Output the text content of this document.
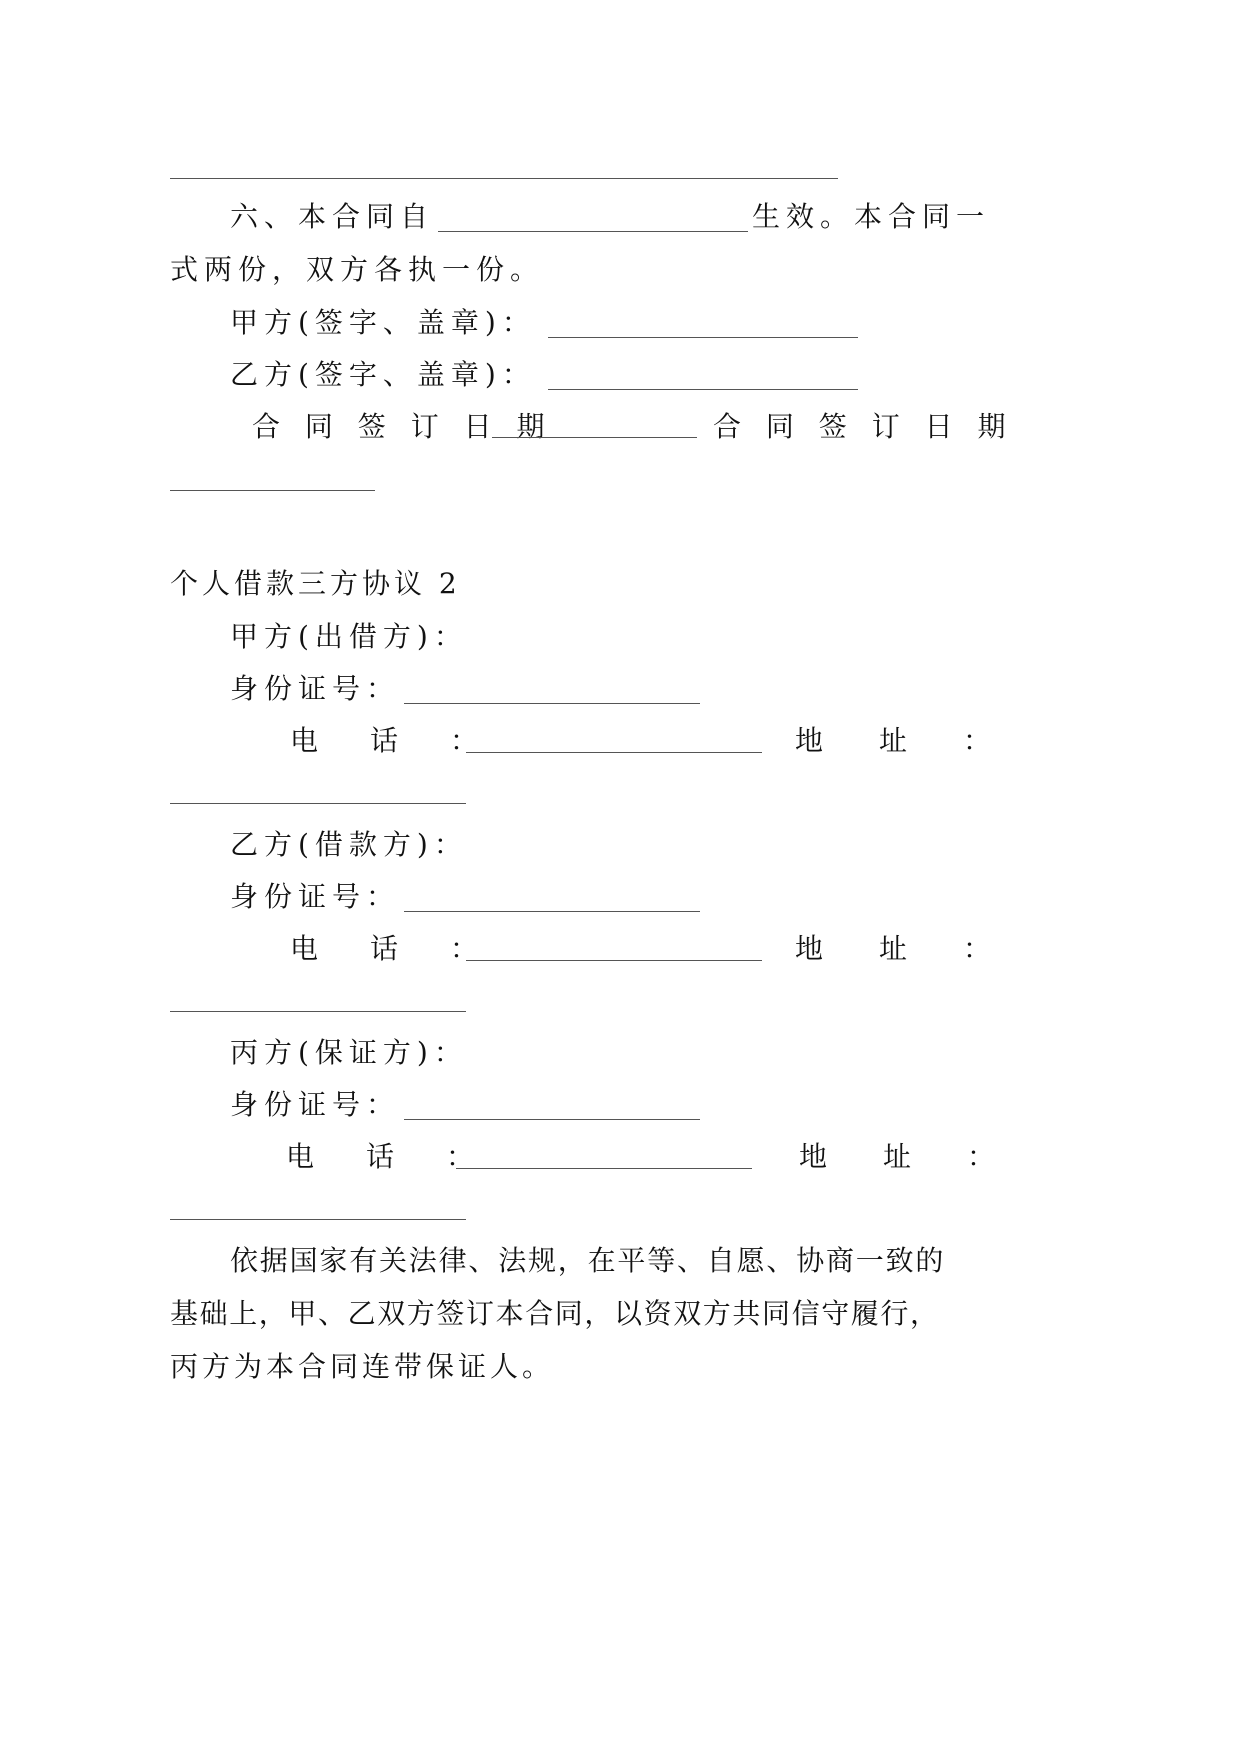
六、本合同自	生效。本合同一
式两份，双方各执一份。
甲方(签字、盖章)：
乙方(签字、盖章)：
合 同 签 订 日 期	合 同 签 订 日 期
个人借款三方协议 2
甲方(出借方)：
身份证号：
电　话　：	地　址　：
乙方(借款方)：
身份证号：
电　话　：	地　址　：
丙方(保证方)：
身份证号：
电　话　：	地　址　：
依据国家有关法律、法规，在平等、自愿、协商一致的
基础上，甲、乙双方签订本合同，以资双方共同信守履行，
丙方为本合同连带保证人。
